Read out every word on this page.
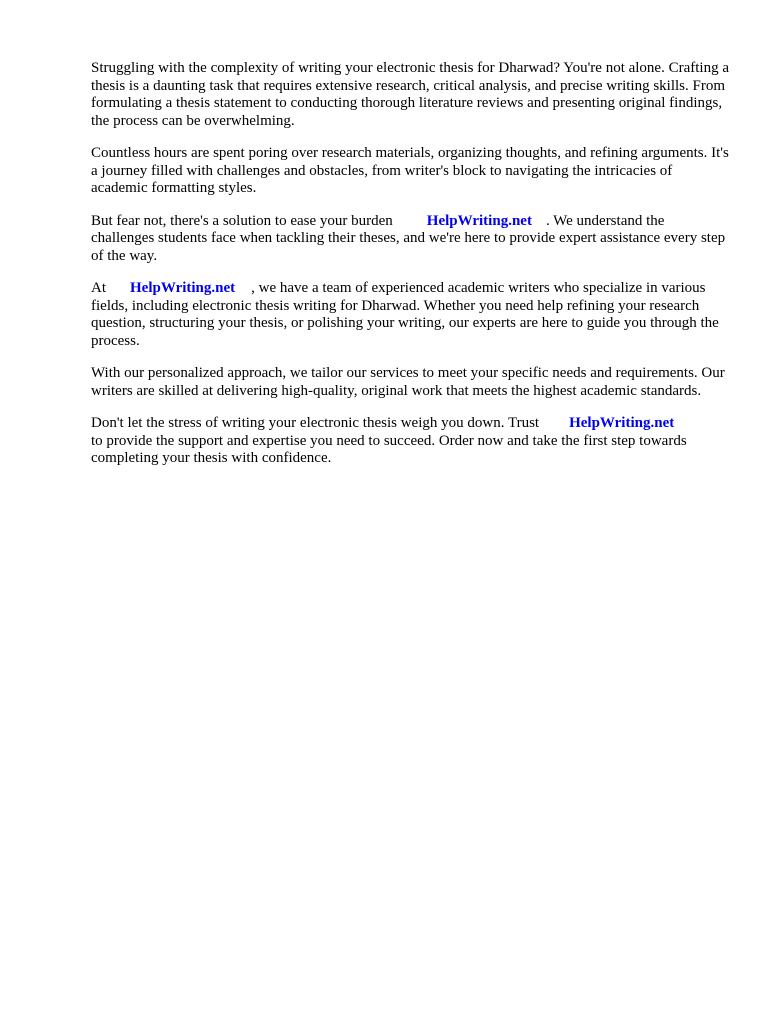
Struggling with the complexity of writing your electronic thesis for Dharwad? You're not alone. Crafting a thesis is a daunting task that requires extensive research, critical analysis, and precise writing skills. From formulating a thesis statement to conducting thorough literature reviews and presenting original findings, the process can be overwhelming.

Countless hours are spent poring over research materials, organizing thoughts, and refining arguments. It's a journey filled with challenges and obstacles, from writer's block to navigating the intricacies of academic formatting styles.

But fear not, there's a solution to ease your burden HelpWriting.net . We understand the challenges students face when tackling their theses, and we're here to provide expert assistance every step of the way.

At HelpWriting.net , we have a team of experienced academic writers who specialize in various fields, including electronic thesis writing for Dharwad. Whether you need help refining your research question, structuring your thesis, or polishing your writing, our experts are here to guide you through the process.

With our personalized approach, we tailor our services to meet your specific needs and requirements. Our writers are skilled at delivering high-quality, original work that meets the highest academic standards.

Don't let the stress of writing your electronic thesis weigh you down. Trust HelpWriting.net
to provide the support and expertise you need to succeed. Order now and take the first step towards completing your thesis with confidence.
